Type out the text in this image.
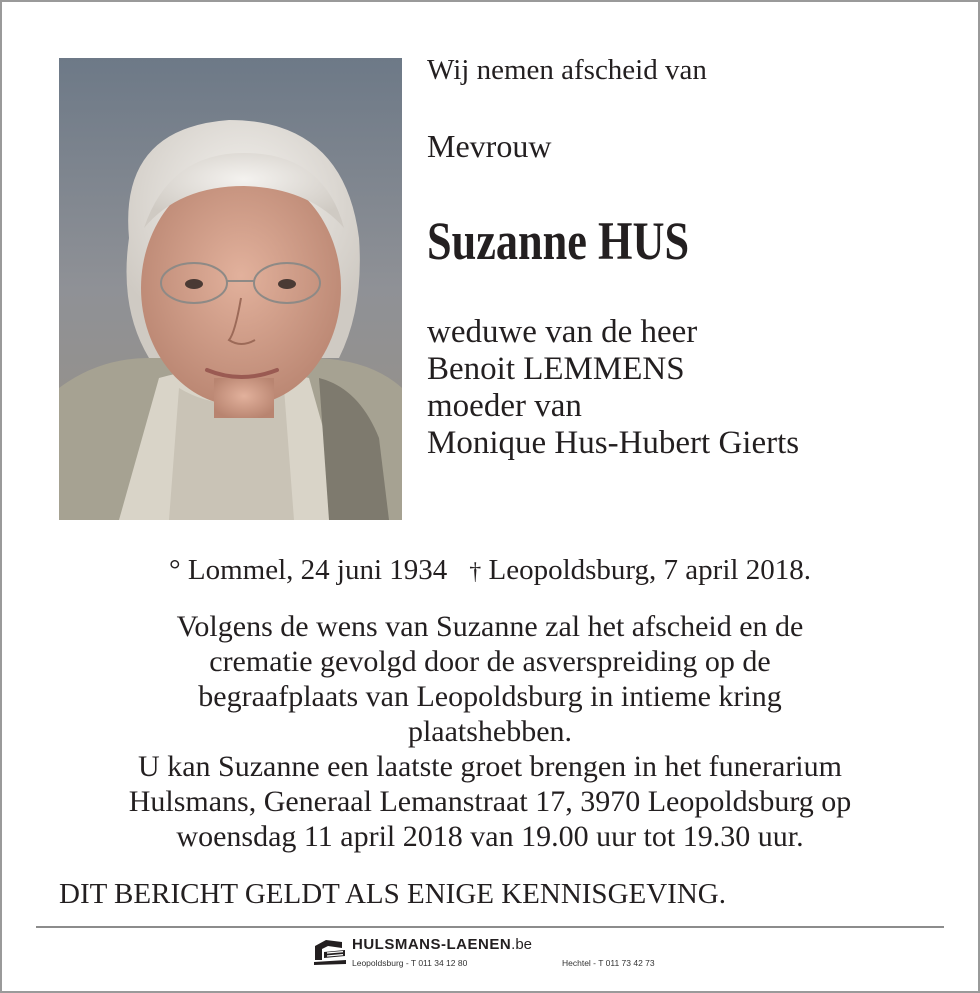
Wij nemen afscheid van
Mevrouw
Suzanne HUS
weduwe van de heer
Benoit LEMMENS
moeder van
Monique Hus-Hubert Gierts
° Lommel, 24 juni 1934 † Leopoldsburg, 7 april 2018.
Volgens de wens van Suzanne zal het afscheid en de
crematie gevolgd door de asverspreiding op de
begraafplaats van Leopoldsburg in intieme kring
plaatshebben.
U kan Suzanne een laatste groet brengen in het funerarium
Hulsmans, Generaal Lemanstraat 17, 3970 Leopoldsburg op
woensdag 11 april 2018 van 19.00 uur tot 19.30 uur.
DIT BERICHT GELDT ALS ENIGE KENNISGEVING.
HULSMANS-LAENEN.be
Leopoldsburg - T 011 34 12 80	Hechtel - T 011 73 42 73
